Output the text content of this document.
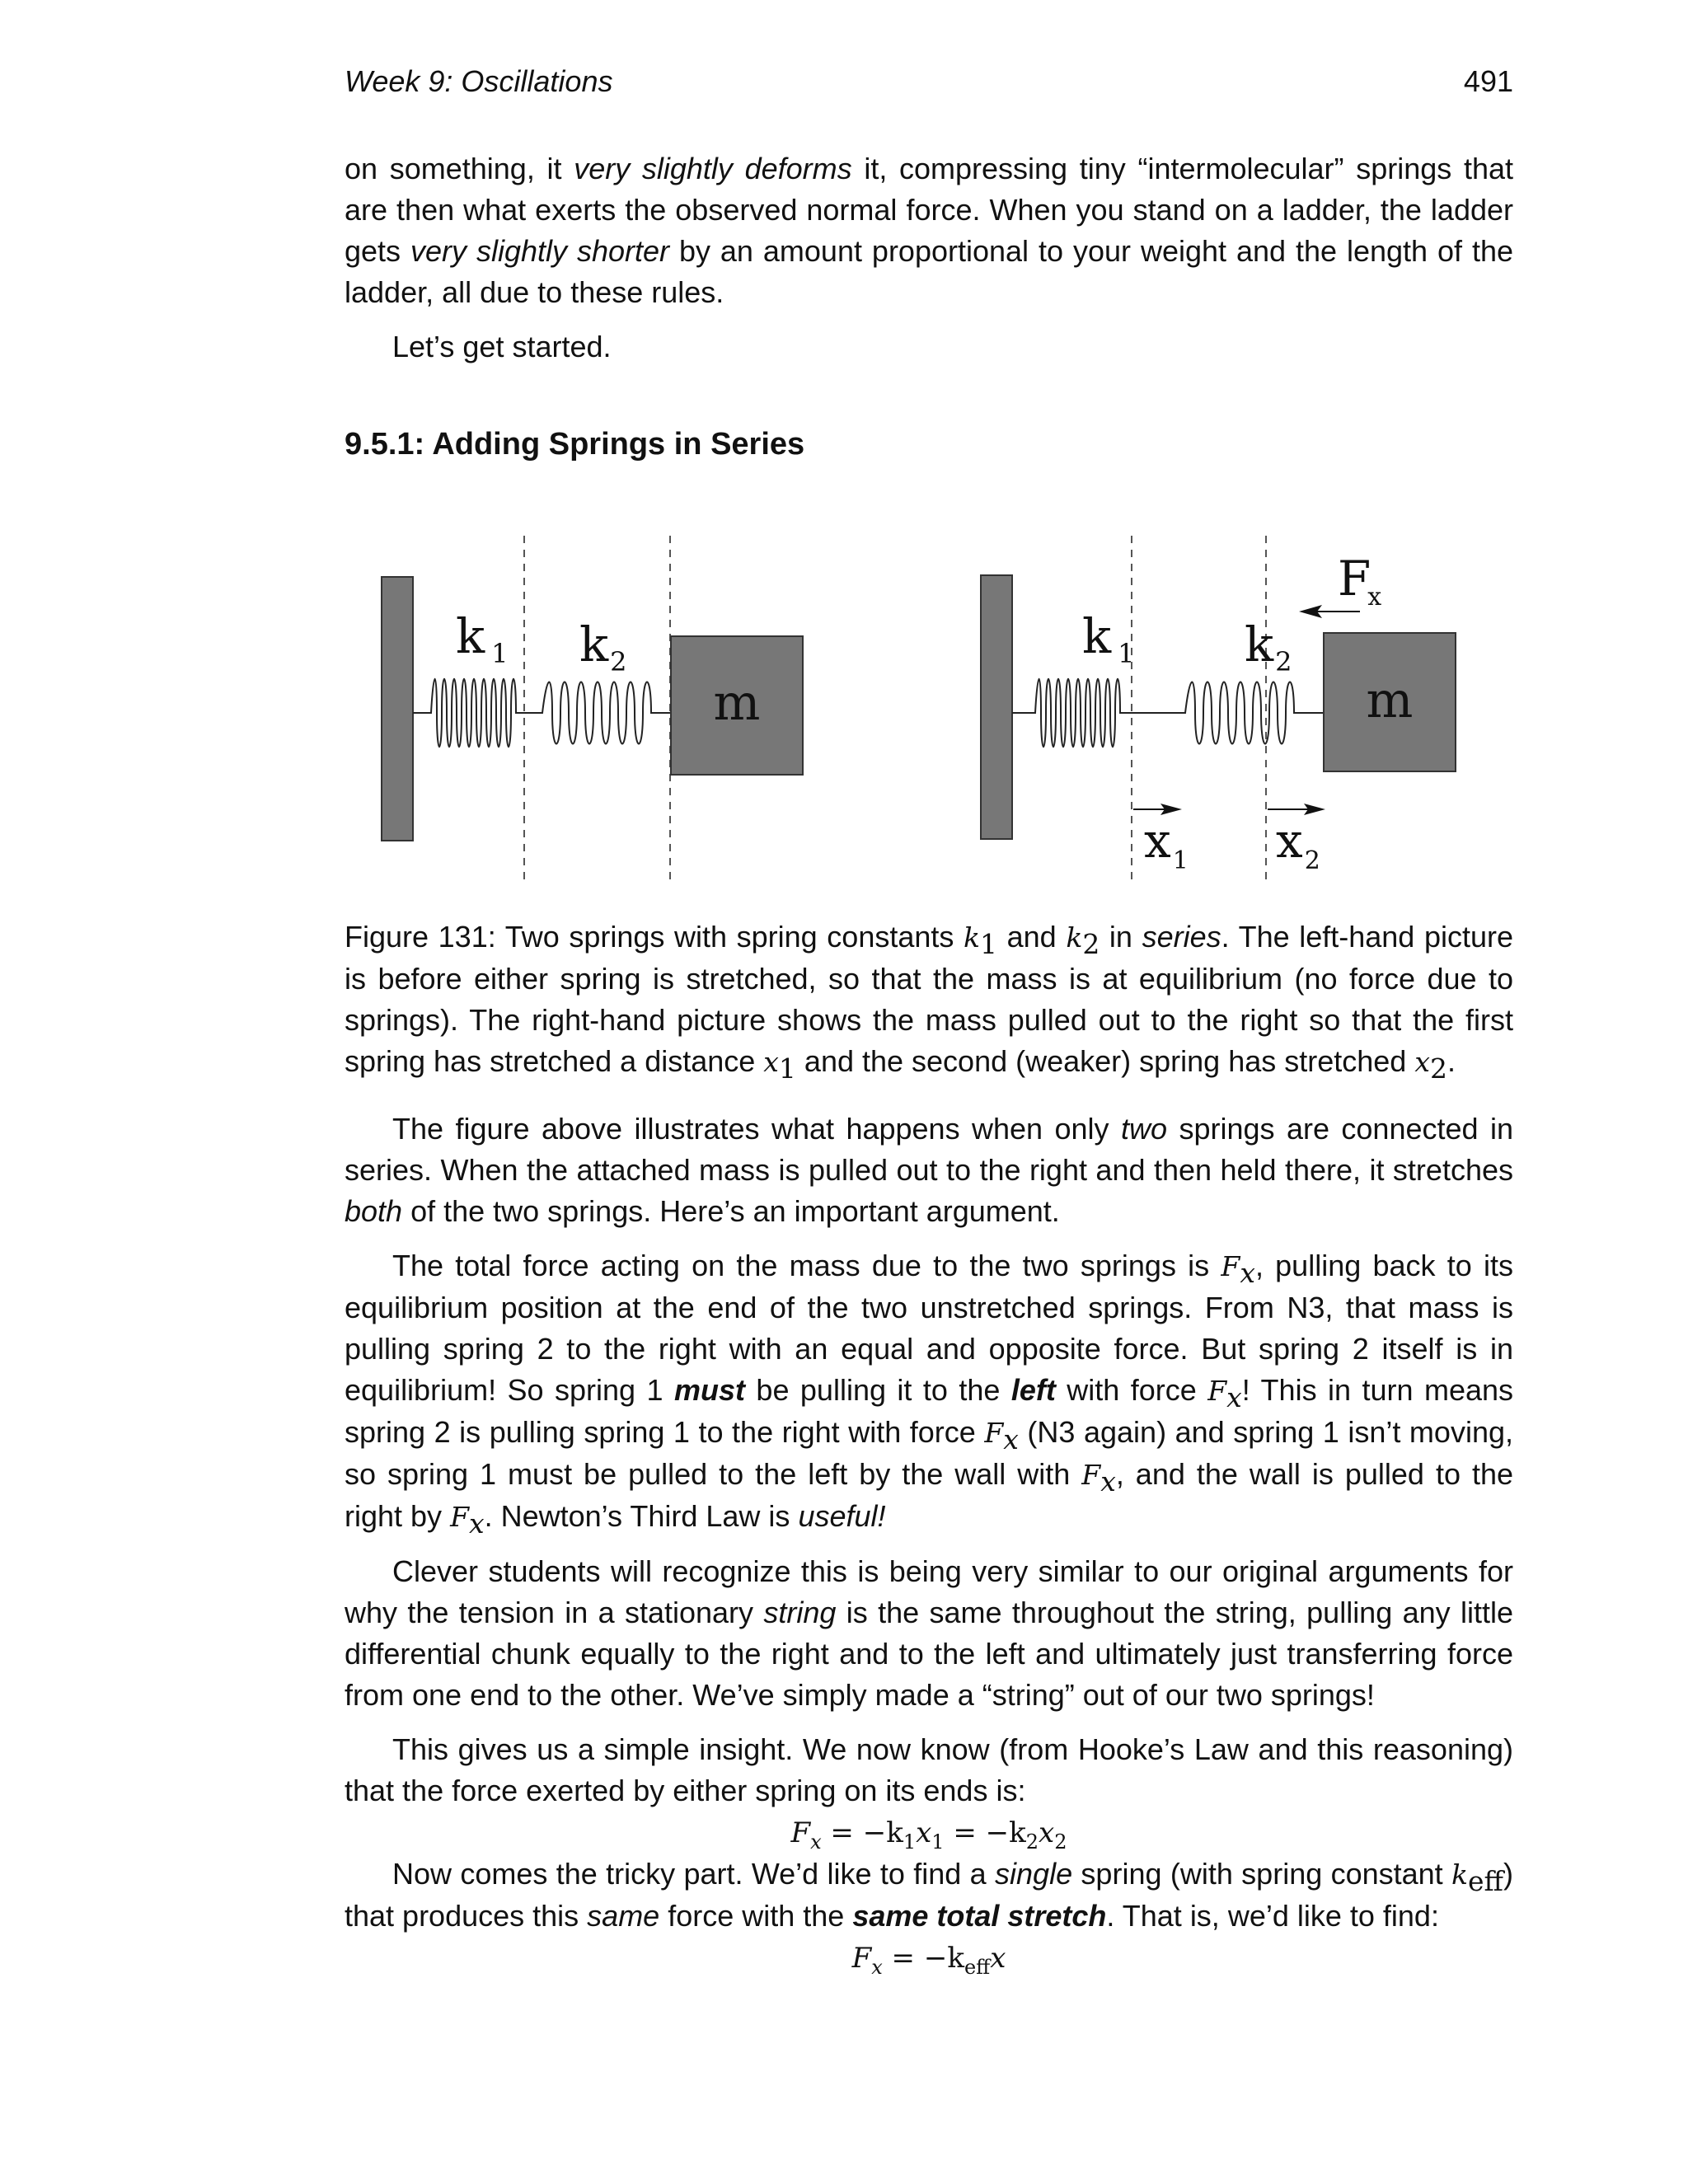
Week 9: Oscillations	491

on something, it very slightly deforms it, compressing tiny “intermolecular” springs that are then what exerts the observed normal force. When you stand on a ladder, the ladder gets very slightly shorter by an amount proportional to your weight and the length of the ladder, all due to these rules.

Let’s get started.

9.5.1: Adding Springs in Series
k $_1$ $k_2$
m
k $_1$ $k_2$
m
Fx
$x_1$ $x_2$
Figure 131: Two springs with spring constants $k_1$ and $k_2$ in series. The left-hand picture is before either spring is stretched, so that the mass is at equilibrium (no force due to springs). The right-hand picture shows the mass pulled out to the right so that the first spring has stretched a distance $x_1$ and the second (weaker) spring has stretched $x_2$.

The figure above illustrates what happens when only two springs are connected in series. When the attached mass is pulled out to the right and then held there, it stretches both of the two springs. Here’s an important argument.

The total force acting on the mass due to the two springs is $F_x$, pulling back to its equilibrium position at the end of the two unstretched springs. From N3, that mass is pulling spring 2 to the right with an equal and opposite force. But spring 2 itself is in equilibrium! So spring 1 must be pulling it to the left with force $F_x$! This in turn means spring 2 is pulling spring 1 to the right with force $F_x$ (N3 again) and spring 1 isn’t moving, so spring 1 must be pulled to the left by the wall with $F_x$, and the wall is pulled to the right by $F_x$. Newton’s Third Law is useful!

Clever students will recognize this is being very similar to our original arguments for why the tension in a stationary string is the same throughout the string, pulling any little differential chunk equally to the right and to the left and ultimately just transferring force from one end to the other. We’ve simply made a “string” out of our two springs!

This gives us a simple insight. We now know (from Hooke’s Law and this reasoning) that the force exerted by either spring on its ends is:

$F_x = -k_1x_1 = -k_2x_2$

Now comes the tricky part. We’d like to find a single spring (with spring constant $k_{eff}$) that produces this same force with the same total stretch. That is, we’d like to find:

$F_x = -k_{eff}x$
